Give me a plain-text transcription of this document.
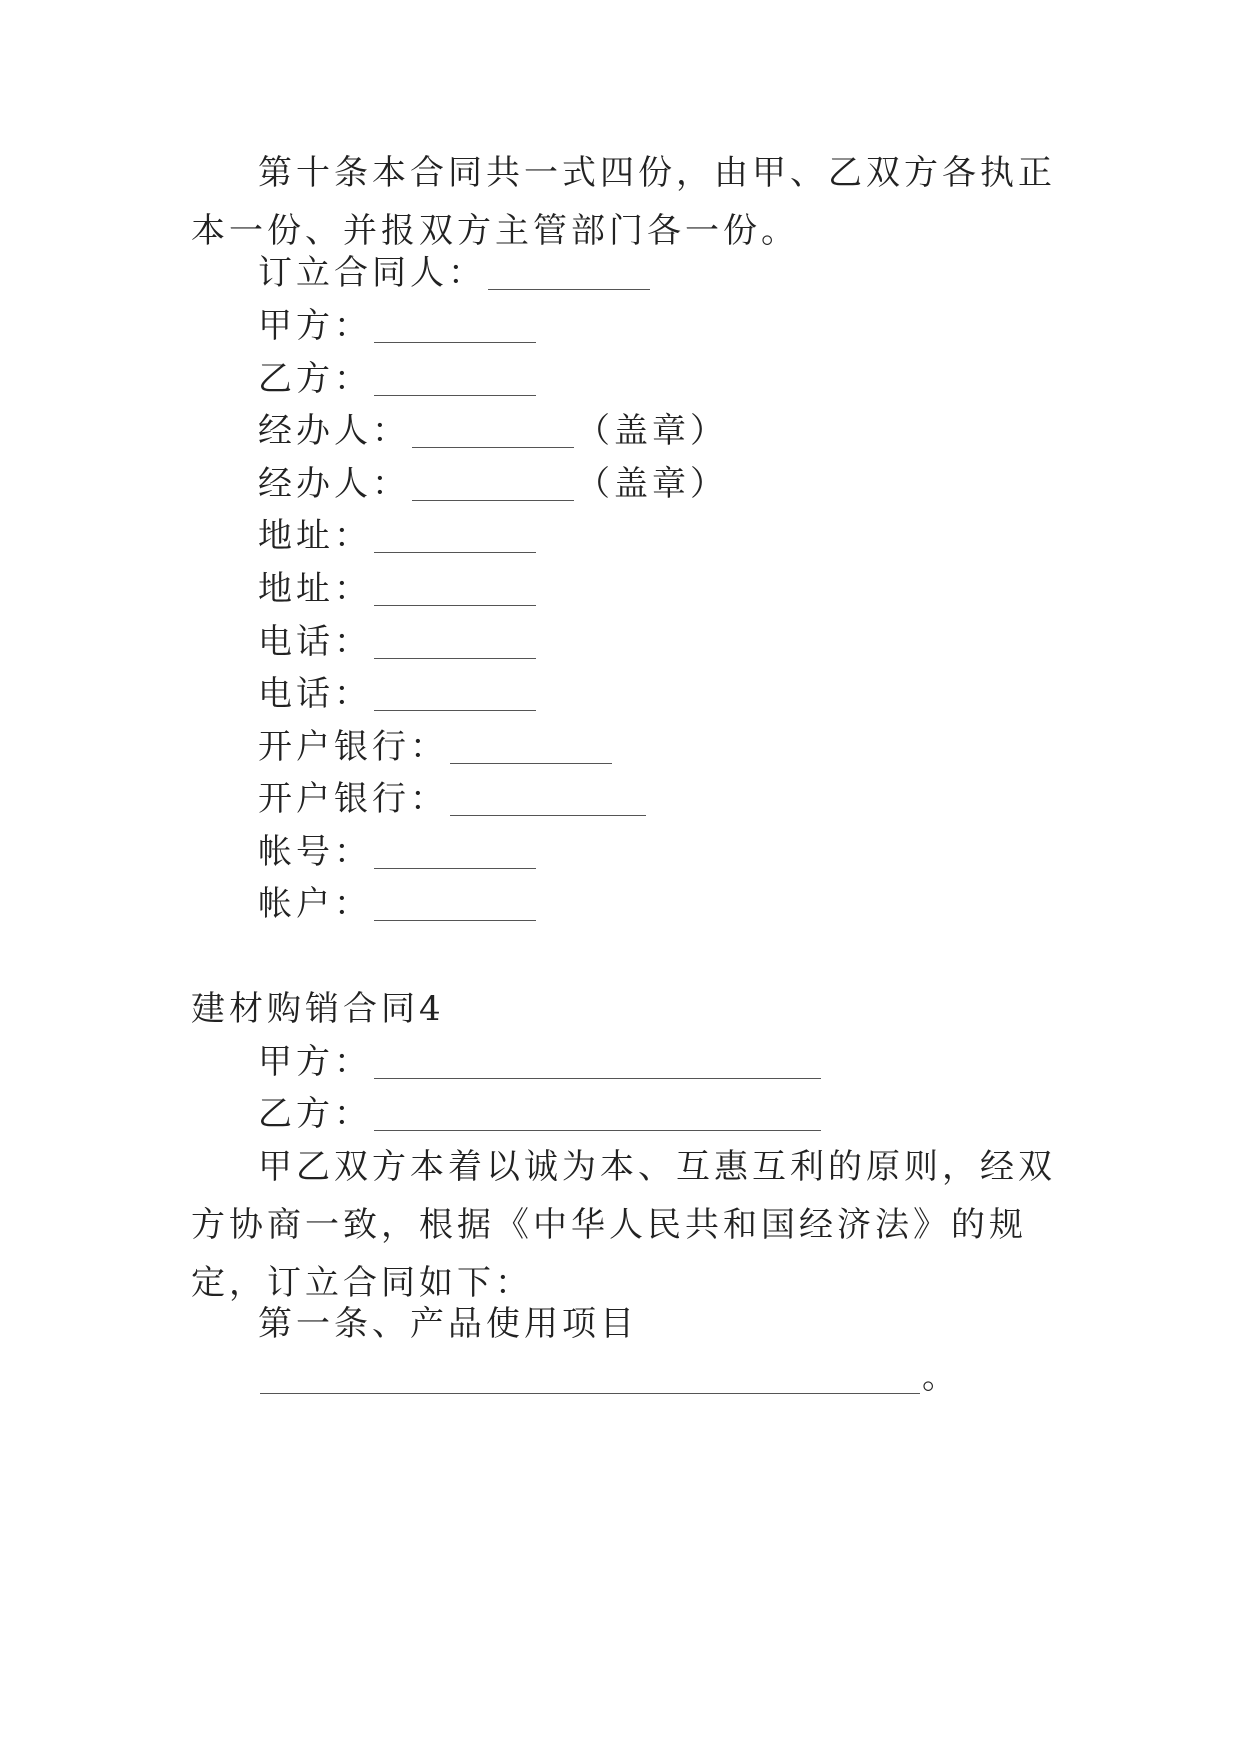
第十条本合同共一式四份，由甲、乙双方各执正本一份、并报双方主管部门各一份。

订立合同人：
甲方：
乙方：
经办人：	（盖章）
经办人：	（盖章）
地址：
地址：
电话：
电话：
开户银行：
开户银行：
帐号：
帐户：
建材购销合同4
甲方：
乙方：

甲乙双方本着以诚为本、互惠互利的原则，经双方协商一致，根据《中华人民共和国经济法》的规定，订立合同如下：

第一条、产品使用项目
。
